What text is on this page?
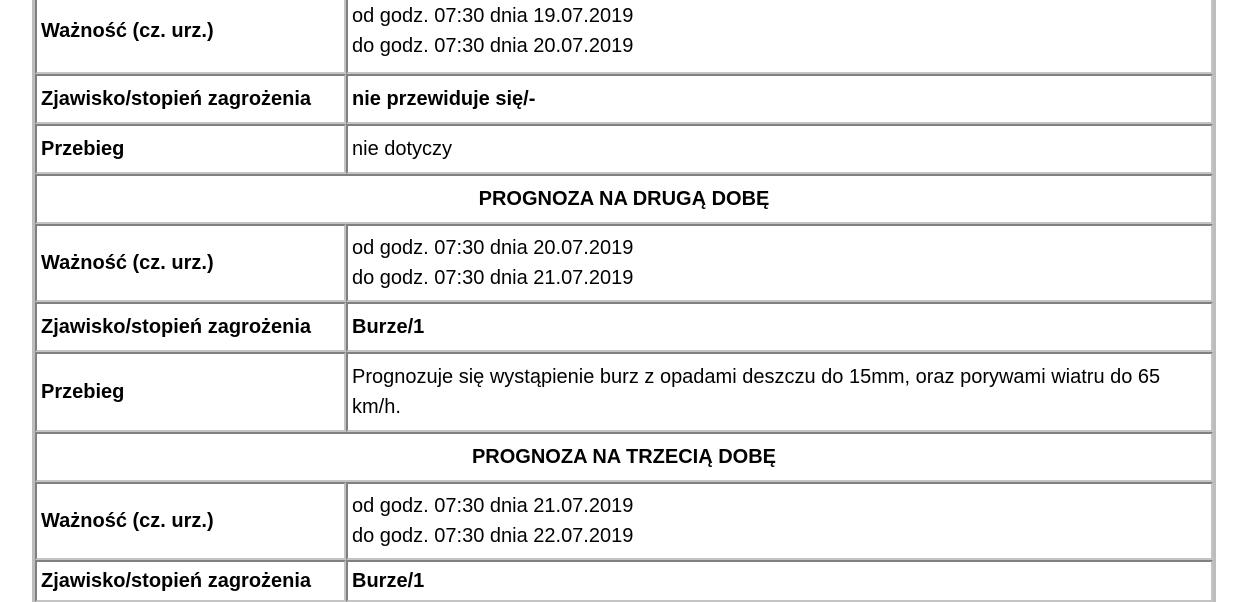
Ważność (cz. urz.)	od godz. 07:30 dnia 19.07.2019
do godz. 07:30 dnia 20.07.2019

Zjawisko/stopień zagrożenia	nie przewiduje się/-
Przebieg	nie dotyczy
PROGNOZA NA DRUGĄ DOBĘ	
Ważność (cz. urz.)	od godz. 07:30 dnia 20.07.2019
do godz. 07:30 dnia 21.07.2019

Zjawisko/stopień zagrożenia	Burze/1
Przebieg	Prognozuje się wystąpienie burz z opadami deszczu do 15mm, oraz porywami wiatru do 65 km/h.
PROGNOZA NA TRZECIĄ DOBĘ	
Ważność (cz. urz.)	od godz. 07:30 dnia 21.07.2019
do godz. 07:30 dnia 22.07.2019

Zjawisko/stopień zagrożenia	Burze/1
